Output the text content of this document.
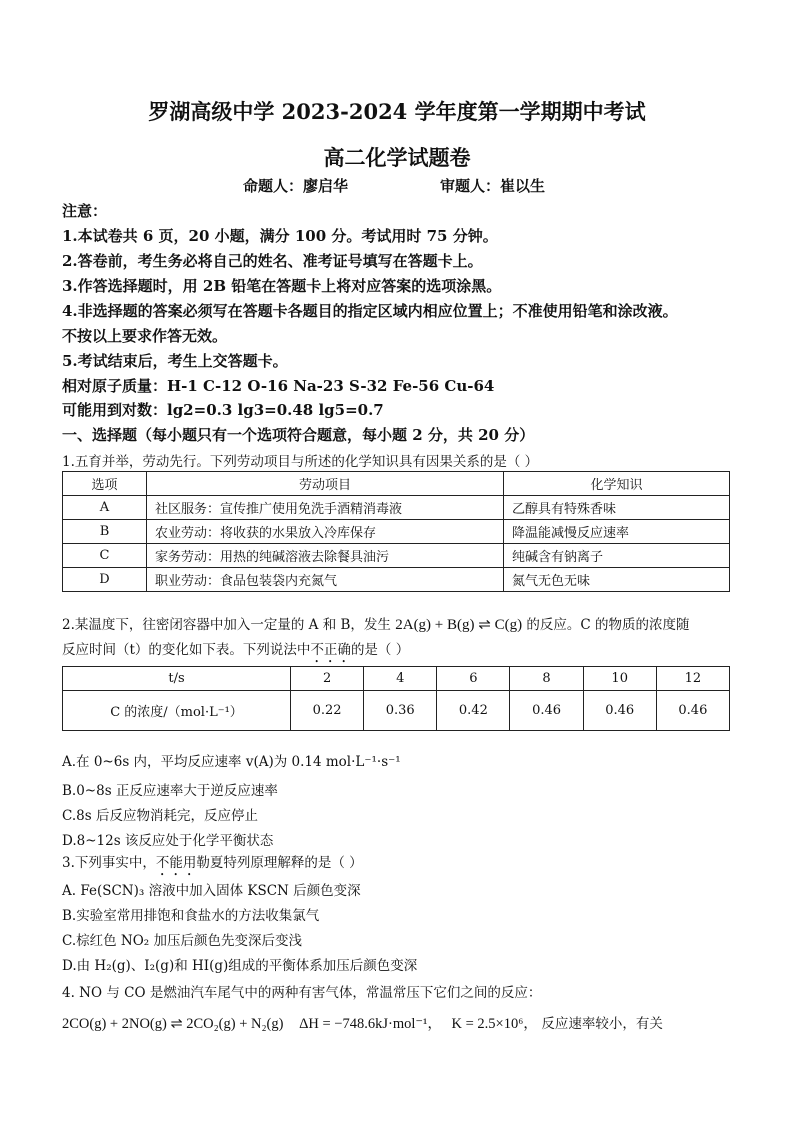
罗湖高级中学 2023-2024 学年度第一学期期中考试
高二化学试题卷
命题人：廖启华	审题人：崔以生
注意：
1.本试卷共 6 页，20 小题，满分 100 分。考试用时 75 分钟。
2.答卷前，考生务必将自己的姓名、准考证号填写在答题卡上。
3.作答选择题时，用 2B 铅笔在答题卡上将对应答案的选项涂黑。
4.非选择题的答案必须写在答题卡各题目的指定区域内相应位置上；不准使用铅笔和涂改液。
不按以上要求作答无效。
5.考试结束后，考生上交答题卡。
相对原子质量：H-1 C-12 O-16 Na-23 S-32 Fe-56 Cu-64
可能用到对数：lg2=0.3 lg3=0.48 lg5=0.7
一、选择题（每小题只有一个选项符合题意，每小题 2 分，共 20 分）
1.五育并举，劳动先行。下列劳动项目与所述的化学知识具有因果关系的是（ ）
选项	劳动项目	化学知识
A	社区服务：宣传推广使用免洗手酒精消毒液	乙醇具有特殊香味
B	农业劳动：将收获的水果放入冷库保存	降温能减慢反应速率
C	家务劳动：用热的纯碱溶液去除餐具油污	纯碱含有钠离子
D	职业劳动：食品包装袋内充氮气	氮气无色无味
2.某温度下，往密闭容器中加入一定量的 A 和 B，发生 2A(g) + B(g) ⇌ C(g) 的反应。C 的物质的浓度随
反应时间（t）的变化如下表。下列说法中不正确的是（ ）
t/s	2	4	6	8	10	12
C 的浓度/（mol·L⁻¹）	0.22	0.36	0.42	0.46	0.46	0.46
A.在 0~6s 内，平均反应速率 v(A)为 0.14 mol·L⁻¹·s⁻¹
B.0~8s 正反应速率大于逆反应速率
C.8s 后反应物消耗完，反应停止
D.8~12s 该反应处于化学平衡状态
3.下列事实中，不能用勒夏特列原理解释的是（ ）
A. Fe(SCN)₃ 溶液中加入固体 KSCN 后颜色变深
B.实验室常用排饱和食盐水的方法收集氯气
C.棕红色 NO₂ 加压后颜色先变深后变浅
D.由 H₂(g)、I₂(g)和 HI(g)组成的平衡体系加压后颜色变深
4. NO 与 CO 是燃油汽车尾气中的两种有害气体，常温常压下它们之间的反应：
2CO(g) + 2NO(g) ⇌ 2CO₂(g) + N₂(g) ΔH = −748.6kJ·mol⁻¹， K = 2.5×10⁶， 反应速率较小，有关
